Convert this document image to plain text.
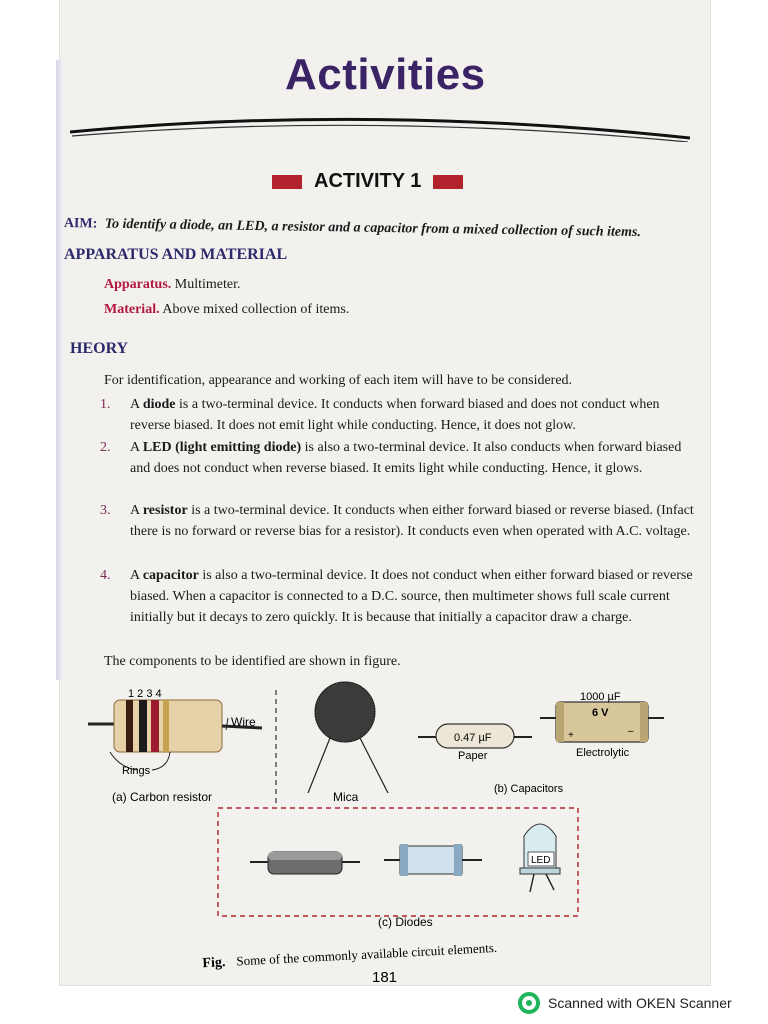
Activities
ACTIVITY 1
AIM: To identify a diode, an LED, a resistor and a capacitor from a mixed collection of such items.
APPARATUS AND MATERIAL
Apparatus. Multimeter.
Material. Above mixed collection of items.
HEORY
For identification, appearance and working of each item will have to be considered.
1. A diode is a two-terminal device. It conducts when forward biased and does not conduct when reverse biased. It does not emit light while conducting. Hence, it does not glow.
2. A LED (light emitting diode) is also a two-terminal device. It also conducts when forward biased and does not conduct when reverse biased. It emits light while conducting. Hence, it glows.
3. A resistor is a two-terminal device. It conducts when either forward biased or reverse biased. (Infact there is no forward or reverse bias for a resistor). It conducts even when operated with A.C. voltage.
4. A capacitor is also a two-terminal device. It does not conduct when either forward biased or reverse biased. When a capacitor is connected to a D.C. source, then multimeter shows full scale current initially but it decays to zero quickly. It is because that initially a capacitor draw a charge.
The components to be identified are shown in figure.
1 2 3 4
Wire
Rings
(a) Carbon resistor	Mica
0.47 µF
Paper
1000 µF
6 V
+	–
Electrolytic
(b) Capacitors
LED
(c) Diodes
Fig. Some of the commonly available circuit elements.
181
Scanned with OKEN Scanner
